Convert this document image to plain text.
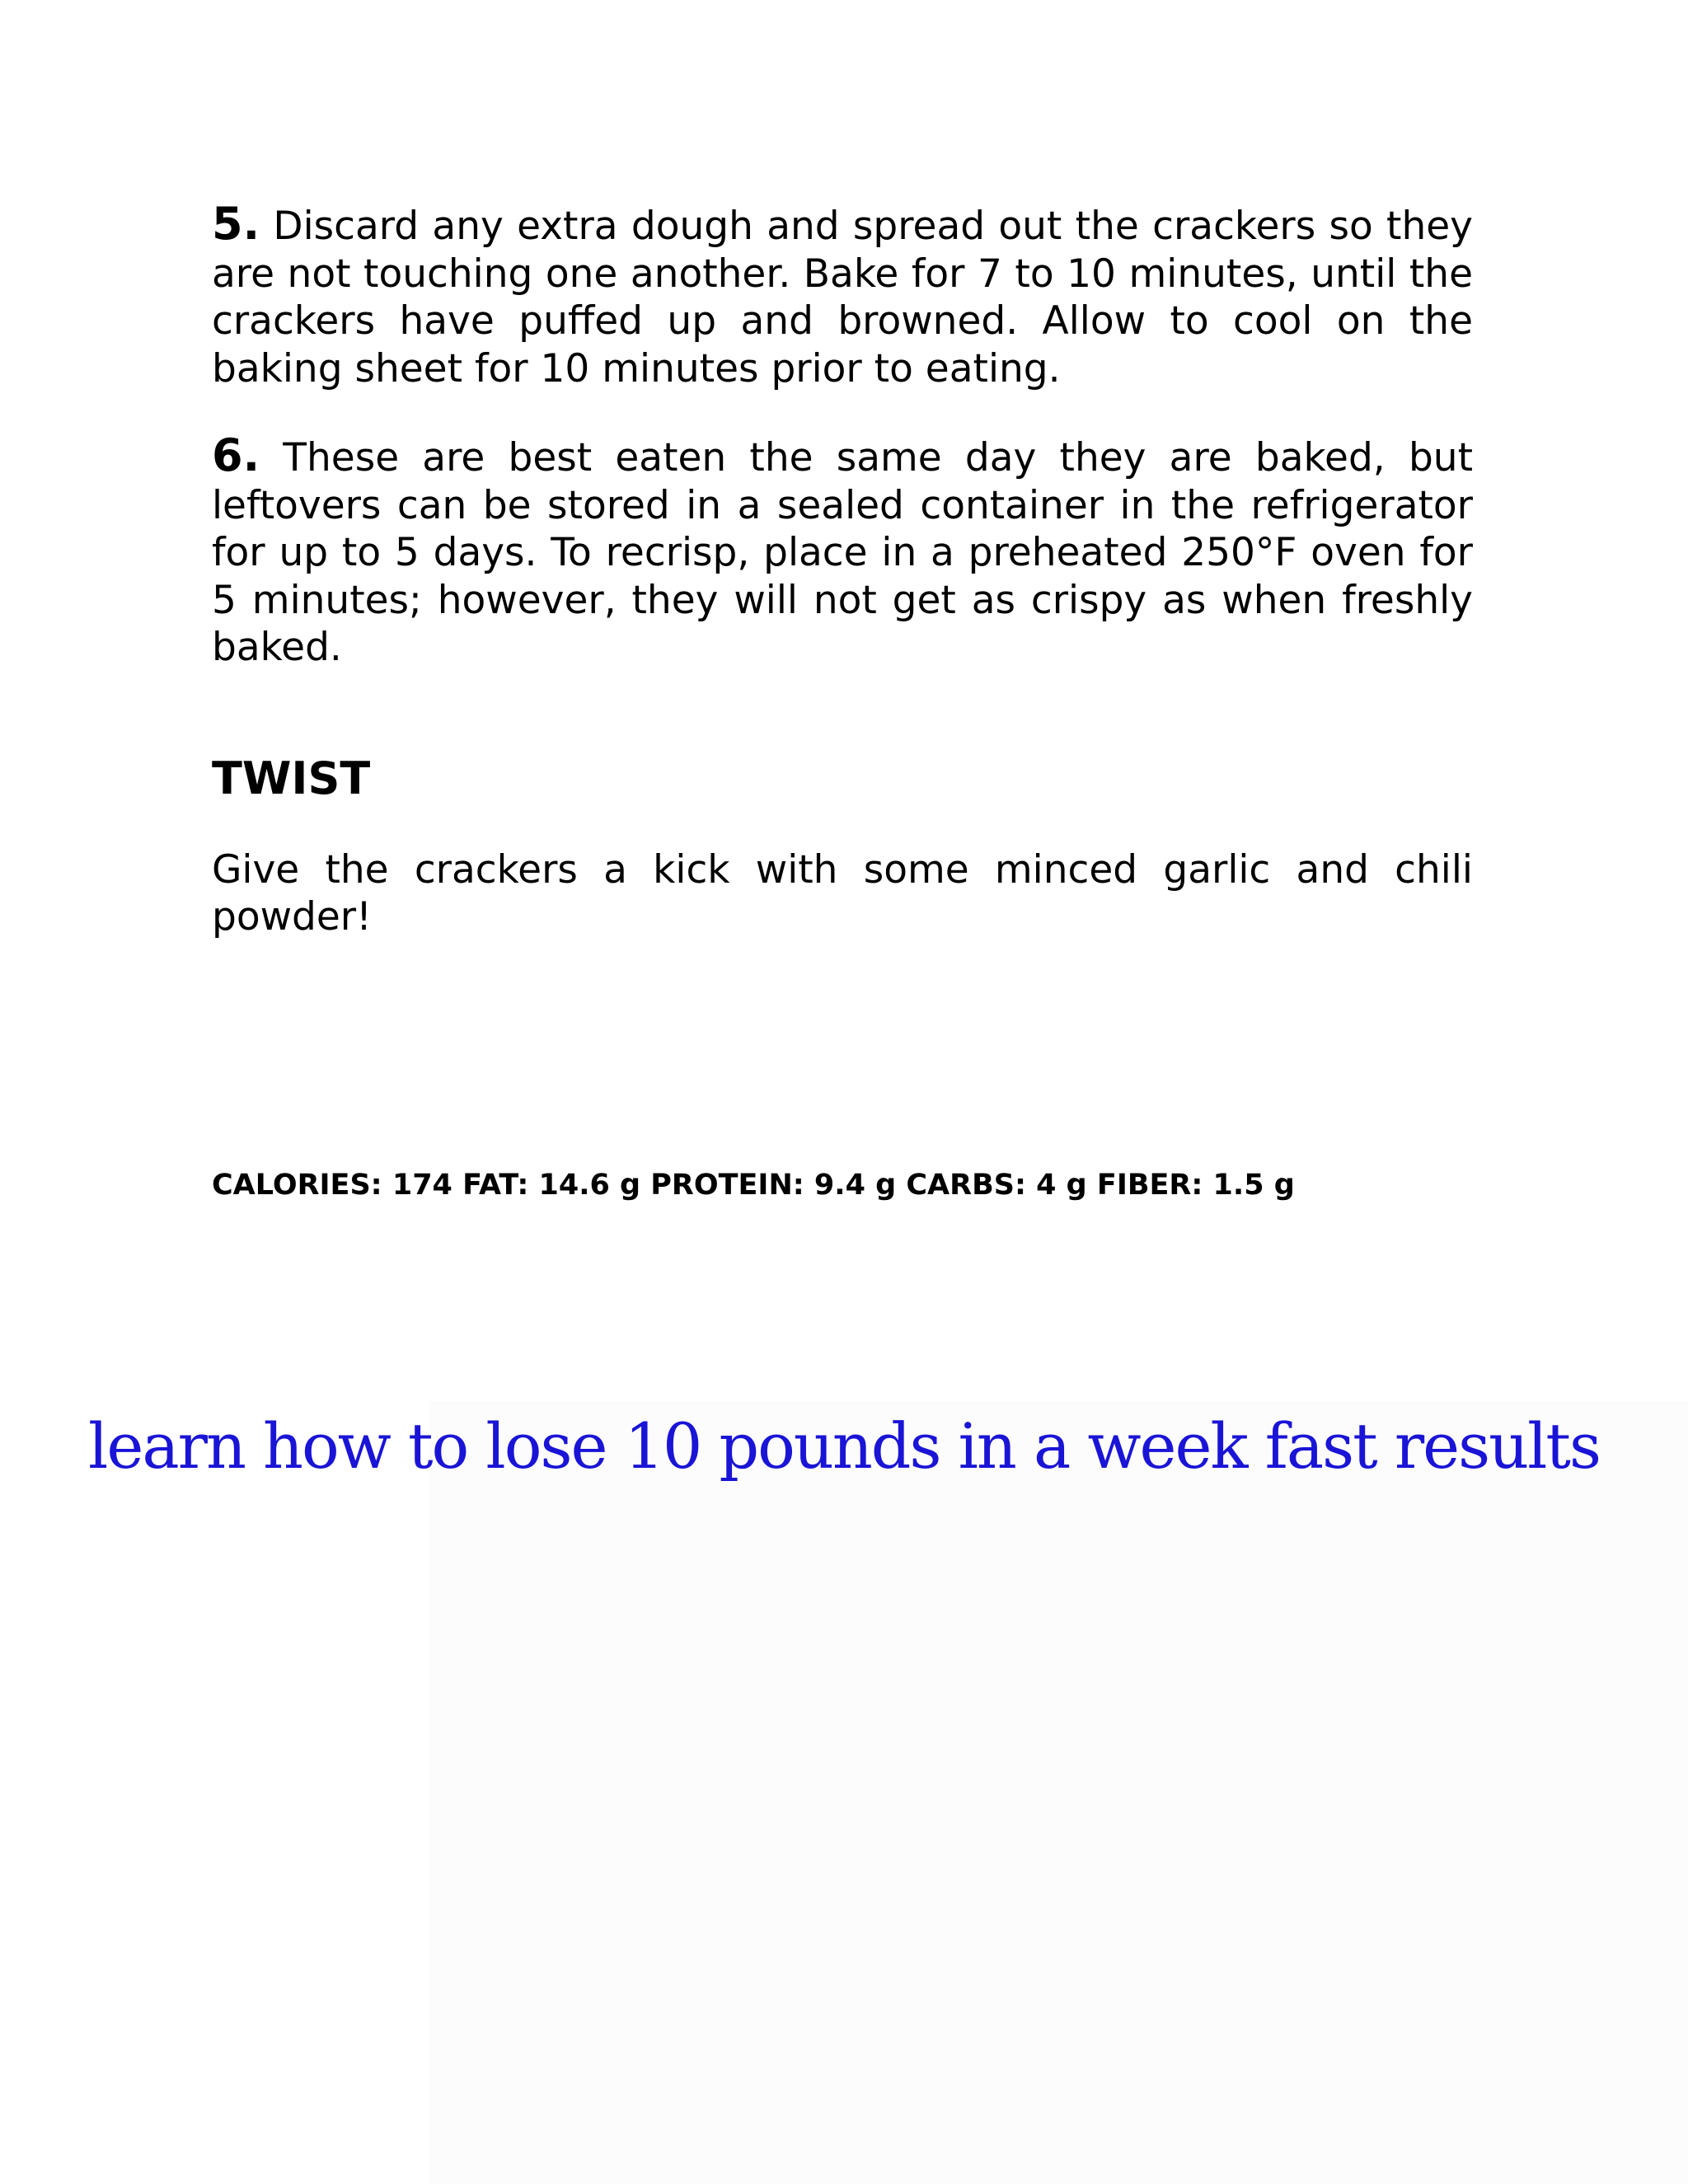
5. Discard any extra dough and spread out the crackers so they are not touching one another. Bake for 7 to 10 minutes, until the crackers have puffed up and browned. Allow to cool on the baking sheet for 10 minutes prior to eating.

6. These are best eaten the same day they are baked, but leftovers can be stored in a sealed container in the refrigerator for up to 5 days. To recrisp, place in a preheated 250°F oven for 5 minutes; however, they will not get as crispy as when freshly baked.

TWIST

Give the crackers a kick with some minced garlic and chili powder!

CALORIES: 174 FAT: 14.6 g PROTEIN: 9.4 g CARBS: 4 g FIBER: 1.5 g

learn how to lose 10 pounds in a week fast results
